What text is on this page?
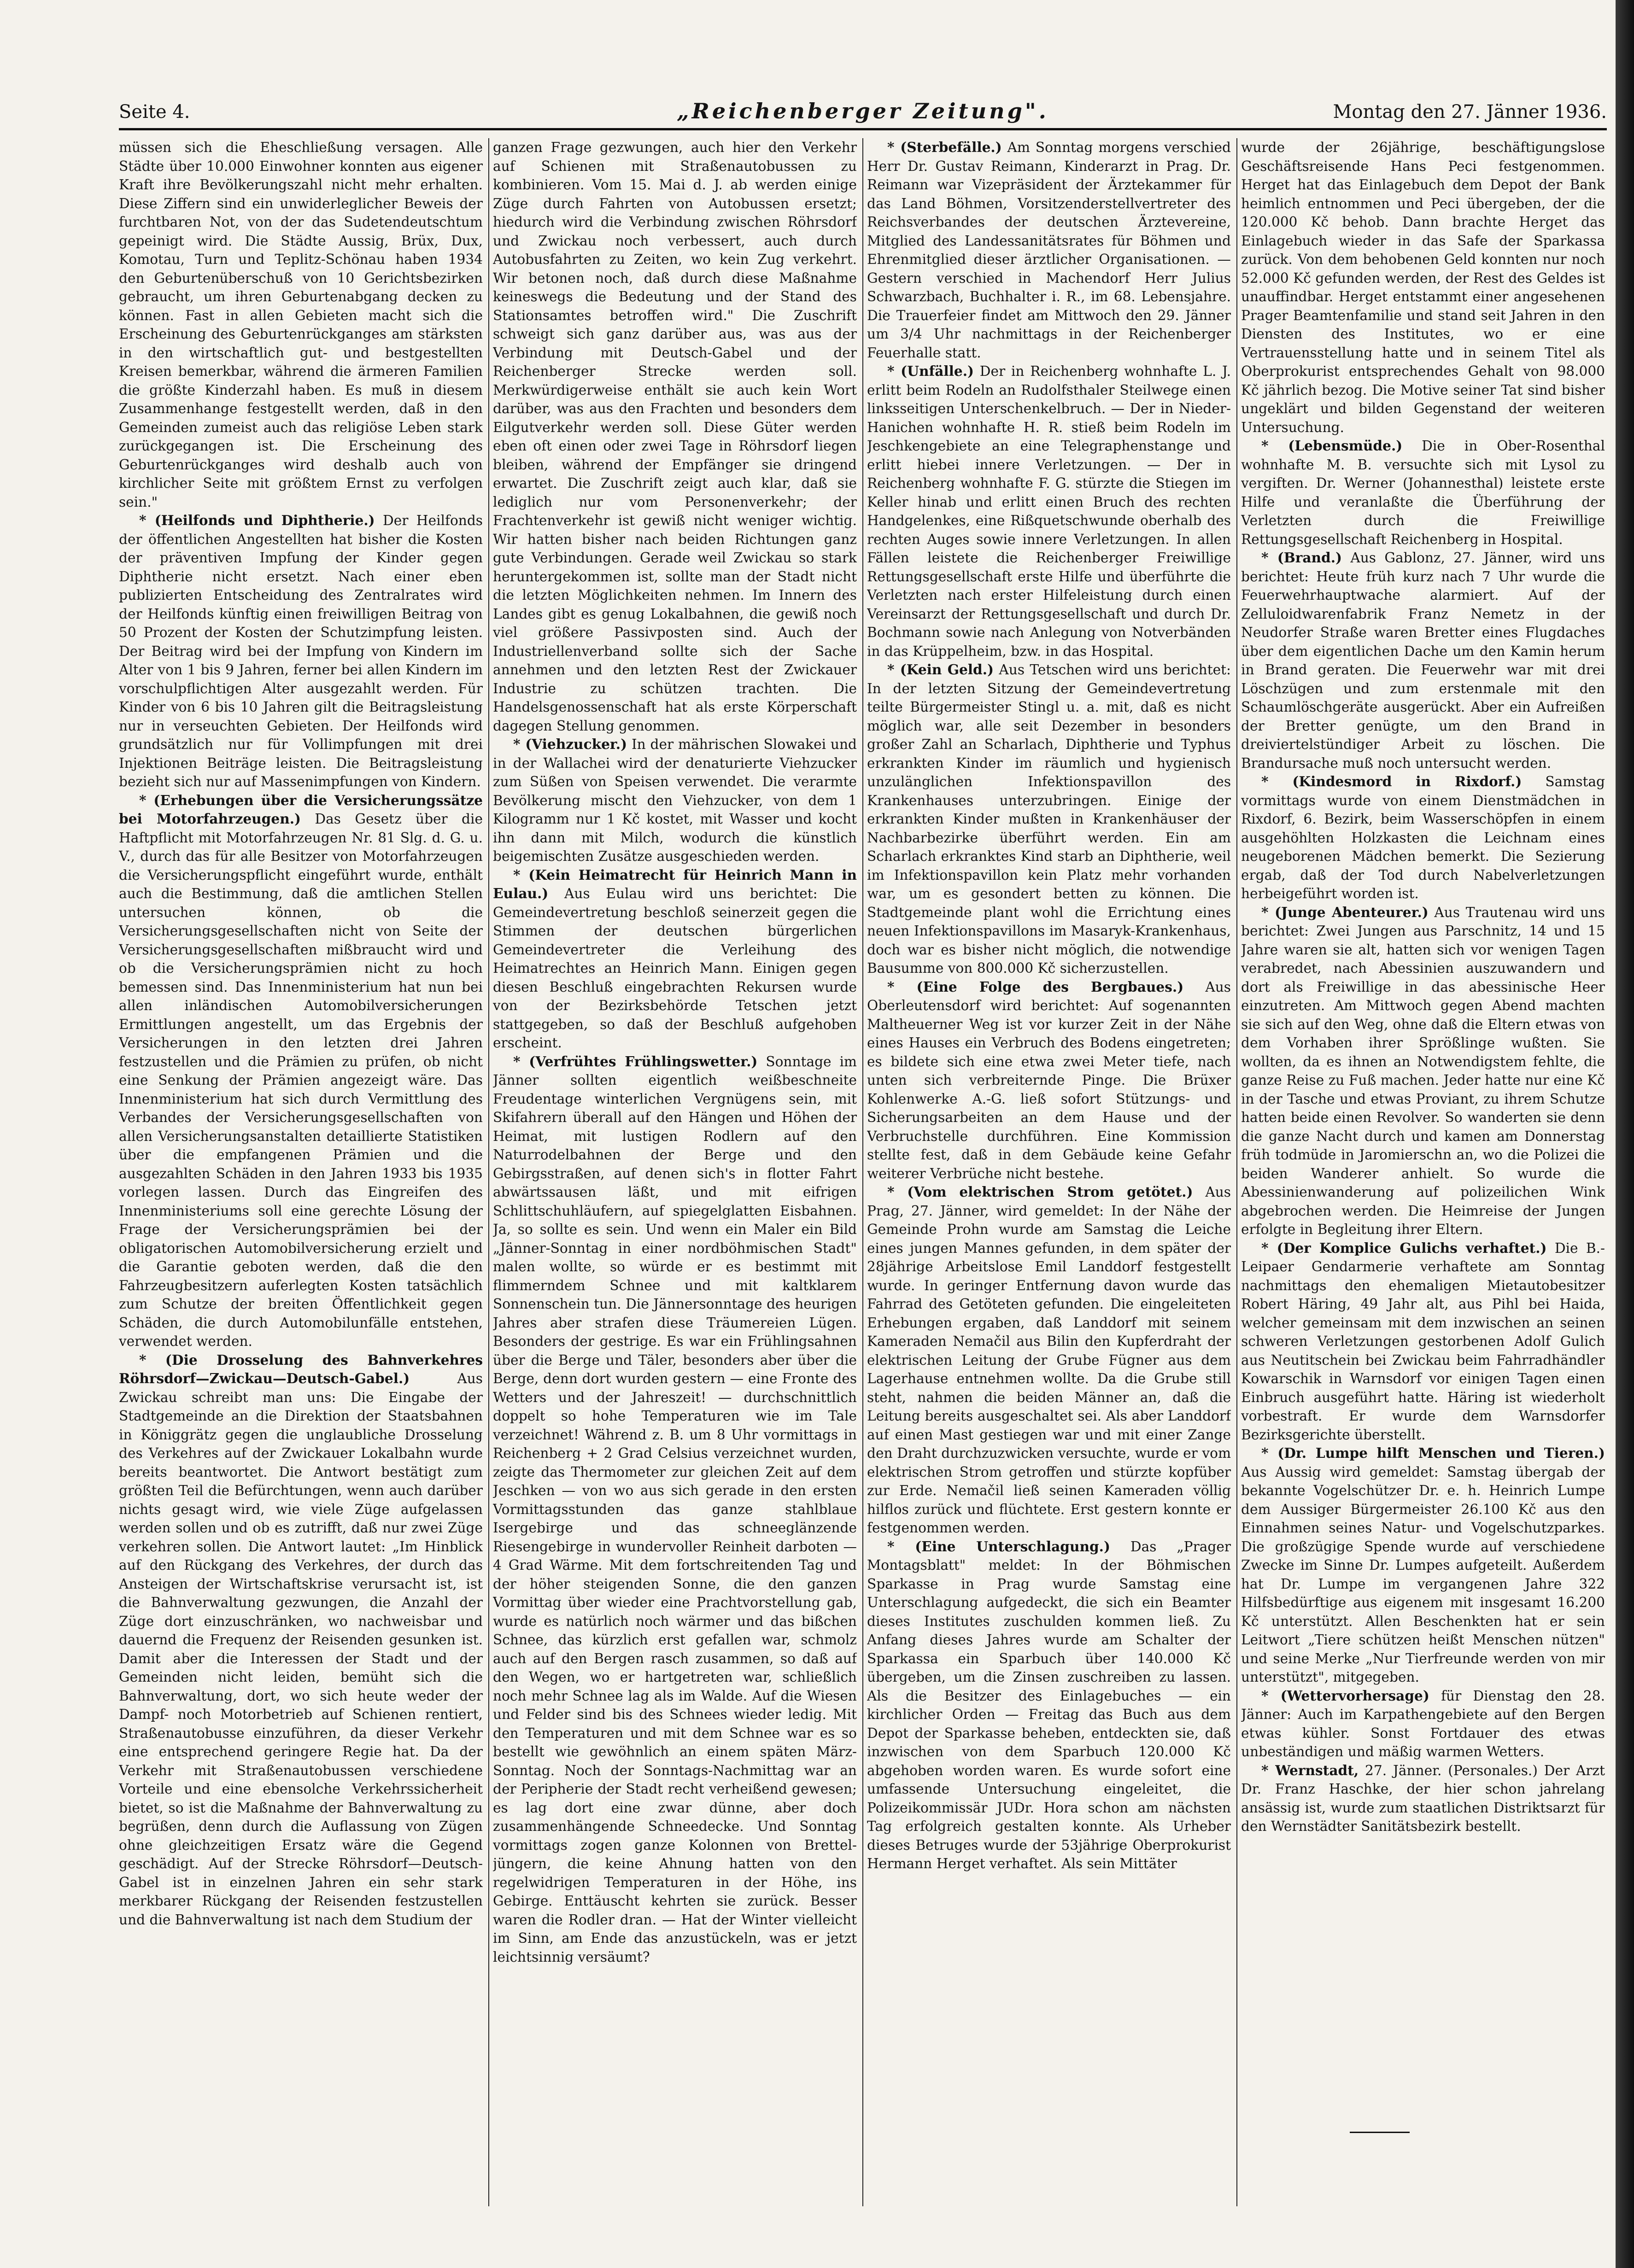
Seite 4.	„Reichenberger Zeitung".	Montag den 27. Jänner 1936.

müssen sich die Eheschließung versagen. Alle Städte über 10.000 Einwohner konnten aus eigener Kraft ihre Bevölkerungszahl nicht mehr erhalten. Diese Ziffern sind ein unwiderleglicher Beweis der furchtbaren Not, von der das Sudetendeutschtum gepeinigt wird. Die Städte Aussig, Brüx, Dux, Komotau, Turn und Teplitz-Schönau haben 1934 den Geburtenüberschuß von 10 Gerichtsbezirken gebraucht, um ihren Geburtenabgang decken zu können. Fast in allen Gebieten macht sich die Erscheinung des Geburtenrückganges am stärksten in den wirtschaftlich gut- und bestgestellten Kreisen bemerkbar, während die ärmeren Familien die größte Kinderzahl haben. Es muß in diesem Zusammenhange festgestellt werden, daß in den Gemeinden zumeist auch das religiöse Leben stark zurückgegangen ist. Die Erscheinung des Geburtenrückganges wird deshalb auch von kirchlicher Seite mit größtem Ernst zu verfolgen sein."

* (Heilfonds und Diphtherie.) Der Heilfonds der öffentlichen Angestellten hat bisher die Kosten der präventiven Impfung der Kinder gegen Diphtherie nicht ersetzt. Nach einer eben publizierten Entscheidung des Zentralrates wird der Heilfonds künftig einen freiwilligen Beitrag von 50 Prozent der Kosten der Schutzimpfung leisten. Der Beitrag wird bei der Impfung von Kindern im Alter von 1 bis 9 Jahren, ferner bei allen Kindern im vorschulpflichtigen Alter ausgezahlt werden. Für Kinder von 6 bis 10 Jahren gilt die Beitragsleistung nur in verseuchten Gebieten. Der Heilfonds wird grundsätzlich nur für Vollimpfungen mit drei Injektionen Beiträge leisten. Die Beitragsleistung bezieht sich nur auf Massenimpfungen von Kindern.

* (Erhebungen über die Versicherungssätze bei Motorfahrzeugen.) Das Gesetz über die Haftpflicht mit Motorfahrzeugen Nr. 81 Slg. d. G. u. V., durch das für alle Besitzer von Motorfahrzeugen die Versicherungspflicht eingeführt wurde, enthält auch die Bestimmung, daß die amtlichen Stellen untersuchen können, ob die Versicherungsgesellschaften nicht von Seite der Versicherungsgesellschaften mißbraucht wird und ob die Versicherungsprämien nicht zu hoch bemessen sind. Das Innenministerium hat nun bei allen inländischen Automobilversicherungen Ermittlungen angestellt, um das Ergebnis der Versicherungen in den letzten drei Jahren festzustellen und die Prämien zu prüfen, ob nicht eine Senkung der Prämien angezeigt wäre. Das Innenministerium hat sich durch Vermittlung des Verbandes der Versicherungsgesellschaften von allen Versicherungsanstalten detaillierte Statistiken über die empfangenen Prämien und die ausgezahlten Schäden in den Jahren 1933 bis 1935 vorlegen lassen. Durch das Eingreifen des Innenministeriums soll eine gerechte Lösung der Frage der Versicherungsprämien bei der obligatorischen Automobilversicherung erzielt und die Garantie geboten werden, daß die den Fahrzeugbesitzern auferlegten Kosten tatsächlich zum Schutze der breiten Öffentlichkeit gegen Schäden, die durch Automobilunfälle entstehen, verwendet werden.

* (Die Drosselung des Bahnverkehres Röhrsdorf—Zwickau—Deutsch-Gabel.) Aus Zwickau schreibt man uns: Die Eingabe der Stadtgemeinde an die Direktion der Staatsbahnen in Königgrätz gegen die unglaubliche Drosselung des Verkehres auf der Zwickauer Lokalbahn wurde bereits beantwortet. Die Antwort bestätigt zum größten Teil die Befürchtungen, wenn auch darüber nichts gesagt wird, wie viele Züge aufgelassen werden sollen und ob es zutrifft, daß nur zwei Züge verkehren sollen. Die Antwort lautet: „Im Hinblick auf den Rückgang des Verkehres, der durch das Ansteigen der Wirtschaftskrise verursacht ist, ist die Bahnverwaltung gezwungen, die Anzahl der Züge dort einzuschränken, wo nachweisbar und dauernd die Frequenz der Reisenden gesunken ist. Damit aber die Interessen der Stadt und der Gemeinden nicht leiden, bemüht sich die Bahnverwaltung, dort, wo sich heute weder der Dampf- noch Motorbetrieb auf Schienen rentiert, Straßenautobusse einzuführen, da dieser Verkehr eine entsprechend geringere Regie hat. Da der Verkehr mit Straßenautobussen verschiedene Vorteile und eine ebensolche Verkehrssicherheit bietet, so ist die Maßnahme der Bahnverwaltung zu begrüßen, denn durch die Auflassung von Zügen ohne gleichzeitigen Ersatz wäre die Gegend geschädigt. Auf der Strecke Röhrsdorf—Deutsch-Gabel ist in einzelnen Jahren ein sehr stark merkbarer Rückgang der Reisenden festzustellen und die Bahnverwaltung ist nach dem Studium der

ganzen Frage gezwungen, auch hier den Verkehr auf Schienen mit Straßenautobussen zu kombinieren. Vom 15. Mai d. J. ab werden einige Züge durch Fahrten von Autobussen ersetzt; hiedurch wird die Verbindung zwischen Röhrsdorf und Zwickau noch verbessert, auch durch Autobusfahrten zu Zeiten, wo kein Zug verkehrt. Wir betonen noch, daß durch diese Maßnahme keineswegs die Bedeutung und der Stand des Stationsamtes betroffen wird." Die Zuschrift schweigt sich ganz darüber aus, was aus der Verbindung mit Deutsch-Gabel und der Reichenberger Strecke werden soll. Merkwürdigerweise enthält sie auch kein Wort darüber, was aus den Frachten und besonders dem Eilgutverkehr werden soll. Diese Güter werden eben oft einen oder zwei Tage in Röhrsdorf liegen bleiben, während der Empfänger sie dringend erwartet. Die Zuschrift zeigt auch klar, daß sie lediglich nur vom Personenverkehr; der Frachtenverkehr ist gewiß nicht weniger wichtig. Wir hatten bisher nach beiden Richtungen ganz gute Verbindungen. Gerade weil Zwickau so stark heruntergekommen ist, sollte man der Stadt nicht die letzten Möglichkeiten nehmen. Im Innern des Landes gibt es genug Lokalbahnen, die gewiß noch viel größere Passivposten sind. Auch der Industriellenverband sollte sich der Sache annehmen und den letzten Rest der Zwickauer Industrie zu schützen trachten. Die Handelsgenossenschaft hat als erste Körperschaft dagegen Stellung genommen.

* (Viehzucker.) In der mährischen Slowakei und in der Wallachei wird der denaturierte Viehzucker zum Süßen von Speisen verwendet. Die verarmte Bevölkerung mischt den Viehzucker, von dem 1 Kilogramm nur 1 Kč kostet, mit Wasser und kocht ihn dann mit Milch, wodurch die künstlich beigemischten Zusätze ausgeschieden werden.

* (Kein Heimatrecht für Heinrich Mann in Eulau.) Aus Eulau wird uns berichtet: Die Gemeindevertretung beschloß seinerzeit gegen die Stimmen der deutschen bürgerlichen Gemeindevertreter die Verleihung des Heimatrechtes an Heinrich Mann. Einigen gegen diesen Beschluß eingebrachten Rekursen wurde von der Bezirksbehörde Tetschen jetzt stattgegeben, so daß der Beschluß aufgehoben erscheint.

* (Verfrühtes Frühlingswetter.) Sonntage im Jänner sollten eigentlich weißbeschneite Freudentage winterlichen Vergnügens sein, mit Skifahrern überall auf den Hängen und Höhen der Heimat, mit lustigen Rodlern auf den Naturrodelbahnen der Berge und den Gebirgsstraßen, auf denen sich's in flotter Fahrt abwärtssausen läßt, und mit eifrigen Schlittschuhläufern, auf spiegelglatten Eisbahnen. Ja, so sollte es sein. Und wenn ein Maler ein Bild „Jänner-Sonntag in einer nordböhmischen Stadt" malen wollte, so würde er es bestimmt mit flimmerndem Schnee und mit kaltklarem Sonnenschein tun. Die Jännersonntage des heurigen Jahres aber strafen diese Träumereien Lügen. Besonders der gestrige. Es war ein Frühlingsahnen über die Berge und Täler, besonders aber über die Berge, denn dort wurden gestern — eine Fronte des Wetters und der Jahreszeit! — durchschnittlich doppelt so hohe Temperaturen wie im Tale verzeichnet! Während z. B. um 8 Uhr vormittags in Reichenberg + 2 Grad Celsius verzeichnet wurden, zeigte das Thermometer zur gleichen Zeit auf dem Jeschken — von wo aus sich gerade in den ersten Vormittagsstunden das ganze stahlblaue Isergebirge und das schneeglänzende Riesengebirge in wundervoller Reinheit darboten — 4 Grad Wärme. Mit dem fortschreitenden Tag und der höher steigenden Sonne, die den ganzen Vormittag über wieder eine Prachtvorstellung gab, wurde es natürlich noch wärmer und das bißchen Schnee, das kürzlich erst gefallen war, schmolz auch auf den Bergen rasch zusammen, so daß auf den Wegen, wo er hartgetreten war, schließlich noch mehr Schnee lag als im Walde. Auf die Wiesen und Felder sind bis des Schnees wieder ledig. Mit den Temperaturen und mit dem Schnee war es so bestellt wie gewöhnlich an einem späten März-Sonntag. Noch der Sonntags-Nachmittag war an der Peripherie der Stadt recht verheißend gewesen; es lag dort eine zwar dünne, aber doch zusammenhängende Schneedecke. Und Sonntag vormittags zogen ganze Kolonnen von Brettel-jüngern, die keine Ahnung hatten von den regelwidrigen Temperaturen in der Höhe, ins Gebirge. Enttäuscht kehrten sie zurück. Besser waren die Rodler dran. — Hat der Winter vielleicht im Sinn, am Ende das anzustückeln, was er jetzt leichtsinnig versäumt?

* (Sterbefälle.) Am Sonntag morgens verschied Herr Dr. Gustav Reimann, Kinderarzt in Prag. Dr. Reimann war Vizepräsident der Ärztekammer für das Land Böhmen, Vorsitzenderstellvertreter des Reichsverbandes der deutschen Ärztevereine, Mitglied des Landessanitätsrates für Böhmen und Ehrenmitglied dieser ärztlicher Organisationen. — Gestern verschied in Machendorf Herr Julius Schwarzbach, Buchhalter i. R., im 68. Lebensjahre. Die Trauerfeier findet am Mittwoch den 29. Jänner um 3/4 Uhr nachmittags in der Reichenberger Feuerhalle statt.

* (Unfälle.) Der in Reichenberg wohnhafte L. J. erlitt beim Rodeln an Rudolfsthaler Steilwege einen linksseitigen Unterschenkelbruch. — Der in Nieder-Hanichen wohnhafte H. R. stieß beim Rodeln im Jeschkengebiete an eine Telegraphenstange und erlitt hiebei innere Verletzungen. — Der in Reichenberg wohnhafte F. G. stürzte die Stiegen im Keller hinab und erlitt einen Bruch des rechten Handgelenkes, eine Rißquetschwunde oberhalb des rechten Auges sowie innere Verletzungen. In allen Fällen leistete die Reichenberger Freiwillige Rettungsgesellschaft erste Hilfe und überführte die Verletzten nach erster Hilfeleistung durch einen Vereinsarzt der Rettungsgesellschaft und durch Dr. Bochmann sowie nach Anlegung von Notverbänden in das Krüppelheim, bzw. in das Hospital.

* (Kein Geld.) Aus Tetschen wird uns berichtet: In der letzten Sitzung der Gemeindevertretung teilte Bürgermeister Stingl u. a. mit, daß es nicht möglich war, alle seit Dezember in besonders großer Zahl an Scharlach, Diphtherie und Typhus erkrankten Kinder im räumlich und hygienisch unzulänglichen Infektionspavillon des Krankenhauses unterzubringen. Einige der erkrankten Kinder mußten in Krankenhäuser der Nachbarbezirke überführt werden. Ein am Scharlach erkranktes Kind starb an Diphtherie, weil im Infektionspavillon kein Platz mehr vorhanden war, um es gesondert betten zu können. Die Stadtgemeinde plant wohl die Errichtung eines neuen Infektionspavillons im Masaryk-Krankenhaus, doch war es bisher nicht möglich, die notwendige Bausumme von 800.000 Kč sicherzustellen.

* (Eine Folge des Bergbaues.) Aus Oberleutensdorf wird berichtet: Auf sogenannten Maltheuerner Weg ist vor kurzer Zeit in der Nähe eines Hauses ein Verbruch des Bodens eingetreten; es bildete sich eine etwa zwei Meter tiefe, nach unten sich verbreiternde Pinge. Die Brüxer Kohlenwerke A.-G. ließ sofort Stützungs- und Sicherungsarbeiten an dem Hause und der Verbruchstelle durchführen. Eine Kommission stellte fest, daß in dem Gebäude keine Gefahr weiterer Verbrüche nicht bestehe.

* (Vom elektrischen Strom getötet.) Aus Prag, 27. Jänner, wird gemeldet: In der Nähe der Gemeinde Prohn wurde am Samstag die Leiche eines jungen Mannes gefunden, in dem später der 28jährige Arbeitslose Emil Landdorf festgestellt wurde. In geringer Entfernung davon wurde das Fahrrad des Getöteten gefunden. Die eingeleiteten Erhebungen ergaben, daß Landdorf mit seinem Kameraden Nemačil aus Bilin den Kupferdraht der elektrischen Leitung der Grube Fügner aus dem Lagerhause entnehmen wollte. Da die Grube still steht, nahmen die beiden Männer an, daß die Leitung bereits ausgeschaltet sei. Als aber Landdorf auf einen Mast gestiegen war und mit einer Zange den Draht durchzuzwicken versuchte, wurde er vom elektrischen Strom getroffen und stürzte kopfüber zur Erde. Nemačil ließ seinen Kameraden völlig hilflos zurück und flüchtete. Erst gestern konnte er festgenommen werden.

* (Eine Unterschlagung.) Das „Prager Montagsblatt" meldet: In der Böhmischen Sparkasse in Prag wurde Samstag eine Unterschlagung aufgedeckt, die sich ein Beamter dieses Institutes zuschulden kommen ließ. Zu Anfang dieses Jahres wurde am Schalter der Sparkassa ein Sparbuch über 140.000 Kč übergeben, um die Zinsen zuschreiben zu lassen. Als die Besitzer des Einlagebuches — ein kirchlicher Orden — Freitag das Buch aus dem Depot der Sparkasse beheben, entdeckten sie, daß inzwischen von dem Sparbuch 120.000 Kč abgehoben worden waren. Es wurde sofort eine umfassende Untersuchung eingeleitet, die Polizeikommissär JUDr. Hora schon am nächsten Tag erfolgreich gestalten konnte. Als Urheber dieses Betruges wurde der 53jährige Oberprokurist Hermann Herget verhaftet. Als sein Mittäter

wurde der 26jährige, beschäftigungslose Geschäftsreisende Hans Peci festgenommen. Herget hat das Einlagebuch dem Depot der Bank heimlich entnommen und Peci übergeben, der die 120.000 Kč behob. Dann brachte Herget das Einlagebuch wieder in das Safe der Sparkassa zurück. Von dem behobenen Geld konnten nur noch 52.000 Kč gefunden werden, der Rest des Geldes ist unauffindbar. Herget entstammt einer angesehenen Prager Beamtenfamilie und stand seit Jahren in den Diensten des Institutes, wo er eine Vertrauensstellung hatte und in seinem Titel als Oberprokurist entsprechendes Gehalt von 98.000 Kč jährlich bezog. Die Motive seiner Tat sind bisher ungeklärt und bilden Gegenstand der weiteren Untersuchung.

* (Lebensmüde.) Die in Ober-Rosenthal wohnhafte M. B. versuchte sich mit Lysol zu vergiften. Dr. Werner (Johannesthal) leistete erste Hilfe und veranlaßte die Überführung der Verletzten durch die Freiwillige Rettungsgesellschaft Reichenberg in Hospital.

* (Brand.) Aus Gablonz, 27. Jänner, wird uns berichtet: Heute früh kurz nach 7 Uhr wurde die Feuerwehrhauptwache alarmiert. Auf der Zelluloidwarenfabrik Franz Nemetz in der Neudorfer Straße waren Bretter eines Flugdaches über dem eigentlichen Dache um den Kamin herum in Brand geraten. Die Feuerwehr war mit drei Löschzügen und zum erstenmale mit den Schaumlöschgeräte ausgerückt. Aber ein Aufreißen der Bretter genügte, um den Brand in dreiviertelstündiger Arbeit zu löschen. Die Brandursache muß noch untersucht werden.

* (Kindesmord in Rixdorf.) Samstag vormittags wurde von einem Dienstmädchen in Rixdorf, 6. Bezirk, beim Wasserschöpfen in einem ausgehöhlten Holzkasten die Leichnam eines neugeborenen Mädchen bemerkt. Die Sezierung ergab, daß der Tod durch Nabelverletzungen herbeigeführt worden ist.

* (Junge Abenteurer.) Aus Trautenau wird uns berichtet: Zwei Jungen aus Parschnitz, 14 und 15 Jahre waren sie alt, hatten sich vor wenigen Tagen verabredet, nach Abessinien auszuwandern und dort als Freiwillige in das abessinische Heer einzutreten. Am Mittwoch gegen Abend machten sie sich auf den Weg, ohne daß die Eltern etwas von dem Vorhaben ihrer Sprößlinge wußten. Sie wollten, da es ihnen an Notwendigstem fehlte, die ganze Reise zu Fuß machen. Jeder hatte nur eine Kč in der Tasche und etwas Proviant, zu ihrem Schutze hatten beide einen Revolver. So wanderten sie denn die ganze Nacht durch und kamen am Donnerstag früh todmüde in Jaromierschn an, wo die Polizei die beiden Wanderer anhielt. So wurde die Abessinienwanderung auf polizeilichen Wink abgebrochen werden. Die Heimreise der Jungen erfolgte in Begleitung ihrer Eltern.

* (Der Komplice Gulichs verhaftet.) Die B.-Leipaer Gendarmerie verhaftete am Sonntag nachmittags den ehemaligen Mietautobesitzer Robert Häring, 49 Jahr alt, aus Pihl bei Haida, welcher gemeinsam mit dem inzwischen an seinen schweren Verletzungen gestorbenen Adolf Gulich aus Neutitschein bei Zwickau beim Fahrradhändler Kowarschik in Warnsdorf vor einigen Tagen einen Einbruch ausgeführt hatte. Häring ist wiederholt vorbestraft. Er wurde dem Warnsdorfer Bezirksgerichte überstellt.

* (Dr. Lumpe hilft Menschen und Tieren.) Aus Aussig wird gemeldet: Samstag übergab der bekannte Vogelschützer Dr. e. h. Heinrich Lumpe dem Aussiger Bürgermeister 26.100 Kč aus den Einnahmen seines Natur- und Vogelschutzparkes. Die großzügige Spende wurde auf verschiedene Zwecke im Sinne Dr. Lumpes aufgeteilt. Außerdem hat Dr. Lumpe im vergangenen Jahre 322 Hilfsbedürftige aus eigenem mit insgesamt 16.200 Kč unterstützt. Allen Beschenkten hat er sein Leitwort „Tiere schützen heißt Menschen nützen" und seine Merke „Nur Tierfreunde werden von mir unterstützt", mitgegeben.

* (Wettervorhersage) für Dienstag den 28. Jänner: Auch im Karpathengebiete auf den Bergen etwas kühler. Sonst Fortdauer des etwas unbeständigen und mäßig warmen Wetters.

* Wernstadt, 27. Jänner. (Personales.) Der Arzt Dr. Franz Haschke, der hier schon jahrelang ansässig ist, wurde zum staatlichen Distriktsarzt für den Wernstädter Sanitätsbezirk bestellt.
